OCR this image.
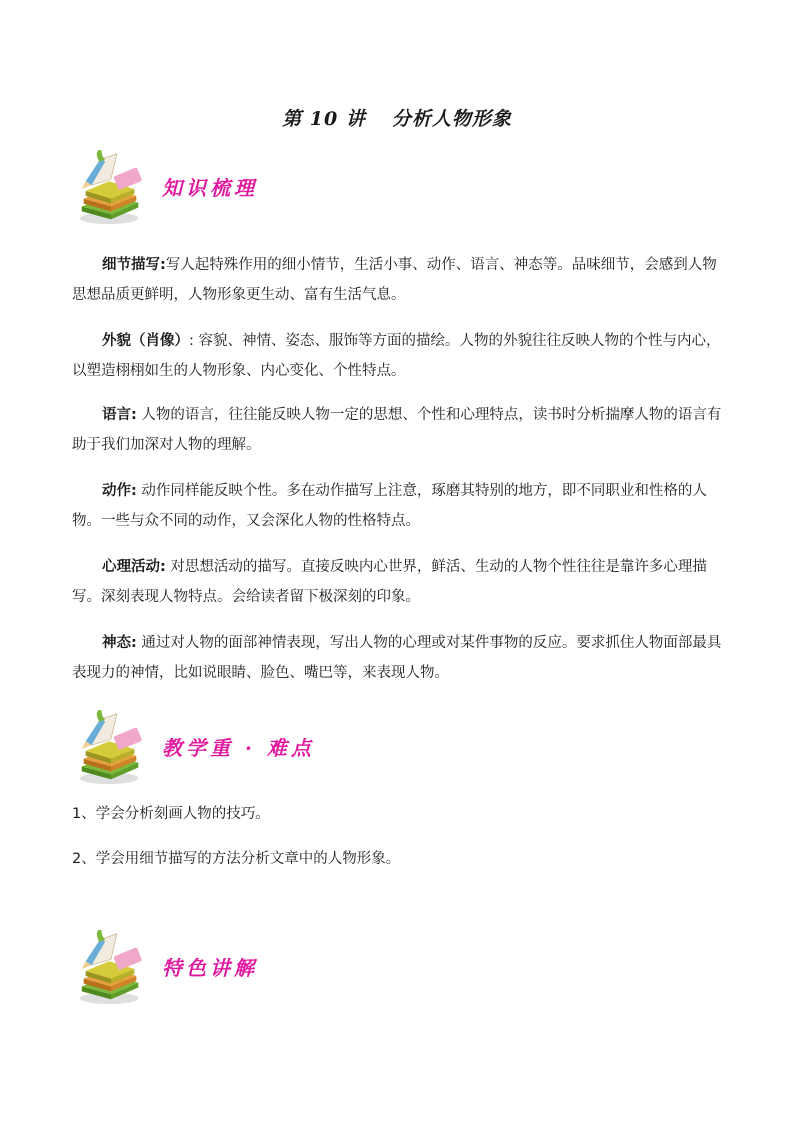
第 10 讲 分析人物形象
知识梳理

细节描写:写人起特殊作用的细小情节，生活小事、动作、语言、神态等。品味细节，会感到人物思想品质更鲜明，人物形象更生动、富有生活气息。

外貌（肖像）: 容貌、神情、姿态、服饰等方面的描绘。人物的外貌往往反映人物的个性与内心，以塑造栩栩如生的人物形象、内心变化、个性特点。

语言: 人物的语言，往往能反映人物一定的思想、个性和心理特点，读书时分析揣摩人物的语言有助于我们加深对人物的理解。

动作: 动作同样能反映个性。多在动作描写上注意，琢磨其特别的地方，即不同职业和性格的人物。一些与众不同的动作，又会深化人物的性格特点。

心理活动: 对思想活动的描写。直接反映内心世界，鲜活、生动的人物个性往往是靠许多心理描写。深刻表现人物特点。会给读者留下极深刻的印象。

神态: 通过对人物的面部神情表现，写出人物的心理或对某件事物的反应。要求抓住人物面部最具表现力的神情，比如说眼睛、脸色、嘴巴等，来表现人物。

教学重 · 难点

1、学会分析刻画人物的技巧。

2、学会用细节描写的方法分析文章中的人物形象。

特色讲解
